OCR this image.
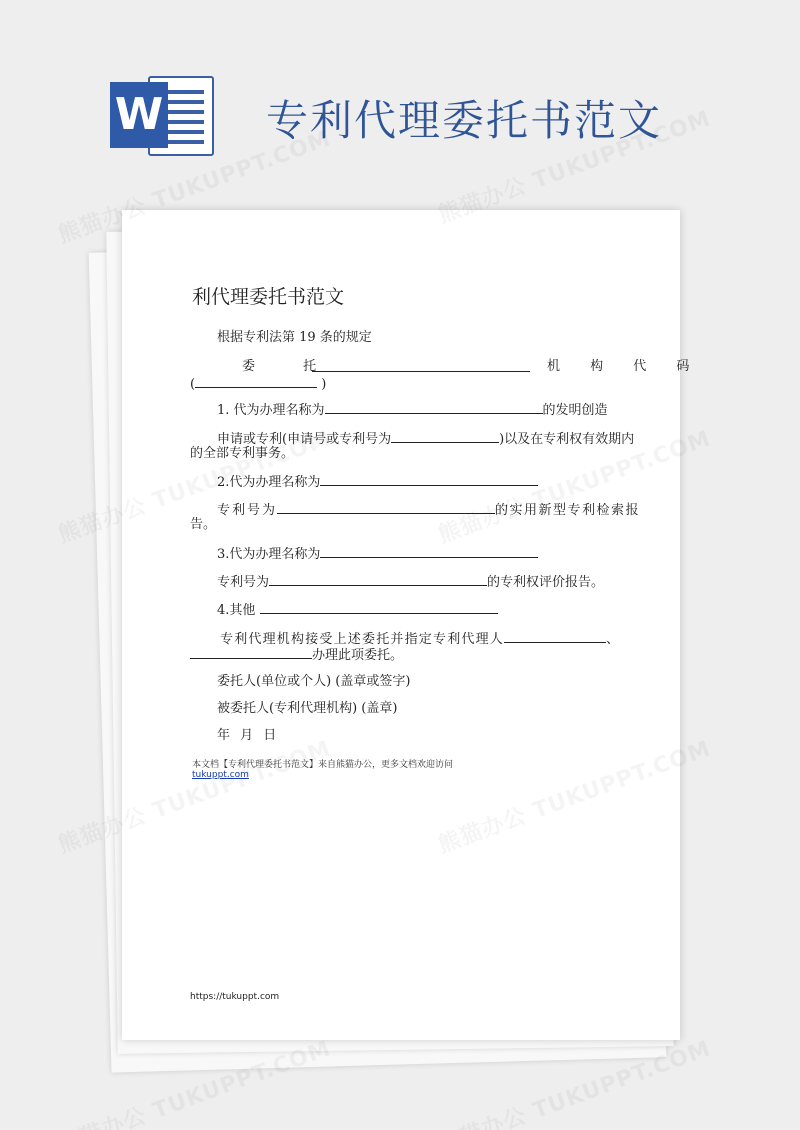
W 专利代理委托书范文
利代理委托书范文
根据专利法第 19 条的规定
委 托	机 构 代 码
(	)
1. 代为办理名称为	的发明创造
申请或专利(申请号或专利号为	)以及在专利权有效期内
的全部专利事务。
2.代为办理名称为
专利号为	的实用新型专利检索报
告。
3.代为办理名称为
专利号为	的专利权评价报告。
4.其他
专利代理机构接受上述委托并指定专利代理人	、
办理此项委托。
委托人(单位或个人) (盖章或签字)
被委托人(专利代理机构) (盖章)
年 月 日
本文档【专利代理委托书范文】来自熊猫办公，更多文档欢迎访问
tukuppt.com
https://tukuppt.com
